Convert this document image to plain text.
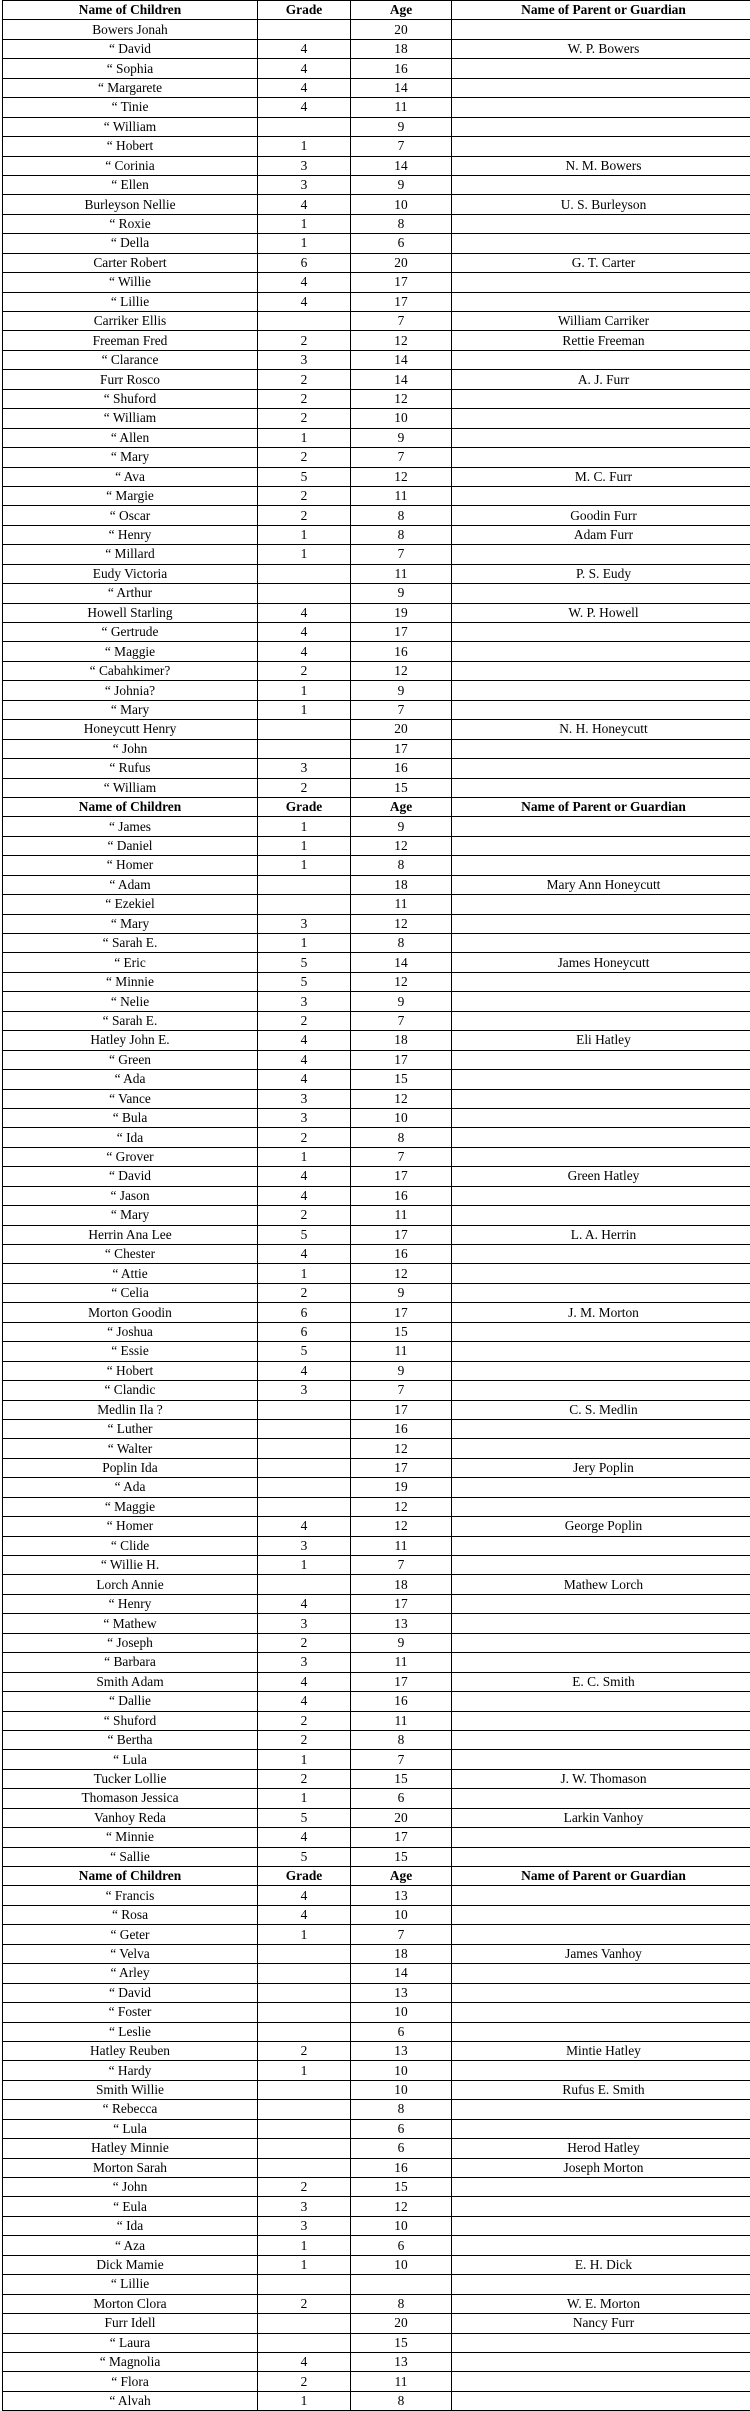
Name of Children	Grade	Age	Name of Parent or Guardian
Bowers Jonah		20	
“ David	4	18	W. P. Bowers
“ Sophia	4	16	
“ Margarete	4	14	
“ Tinie	4	11	
“ William		9	
“ Hobert	1	7	
“ Corinia	3	14	N. M. Bowers
“ Ellen	3	9	
Burleyson Nellie	4	10	U. S. Burleyson
“ Roxie	1	8	
“ Della	1	6	
Carter Robert	6	20	G. T. Carter
“ Willie	4	17	
“ Lillie	4	17	
Carriker Ellis		7	William Carriker
Freeman Fred	2	12	Rettie Freeman
“ Clarance	3	14	
Furr Rosco	2	14	A. J. Furr
“ Shuford	2	12	
“ William	2	10	
“ Allen	1	9	
“ Mary	2	7	
“ Ava	5	12	M. C. Furr
“ Margie	2	11	
“ Oscar	2	8	Goodin Furr
“ Henry	1	8	Adam Furr
“ Millard	1	7	
Eudy Victoria		11	P. S. Eudy
“ Arthur		9	
Howell Starling	4	19	W. P. Howell
“ Gertrude	4	17	
“ Maggie	4	16	
“ Cabahkimer?	2	12	
“ Johnia?	1	9	
“ Mary	1	7	
Honeycutt Henry		20	N. H. Honeycutt
“ John		17	
“ Rufus	3	16	
“ William	2	15	
Name of Children	Grade	Age	Name of Parent or Guardian
“ James	1	9	
“ Daniel	1	12	
“ Homer	1	8	
“ Adam		18	Mary Ann Honeycutt
“ Ezekiel		11	
“ Mary	3	12	
“ Sarah E.	1	8	
“ Eric	5	14	James Honeycutt
“ Minnie	5	12	
“ Nelie	3	9	
“ Sarah E.	2	7	
Hatley John E.	4	18	Eli Hatley
“ Green	4	17	
“ Ada	4	15	
“ Vance	3	12	
“ Bula	3	10	
“ Ida	2	8	
“ Grover	1	7	
“ David	4	17	Green Hatley
“ Jason	4	16	
“ Mary	2	11	
Herrin Ana Lee	5	17	L. A. Herrin
“ Chester	4	16	
“ Attie	1	12	
“ Celia	2	9	
Morton Goodin	6	17	J. M. Morton
“ Joshua	6	15	
“ Essie	5	11	
“ Hobert	4	9	
“ Clandic	3	7	
Medlin Ila ?		17	C. S. Medlin
“ Luther		16	
“ Walter		12	
Poplin Ida		17	Jery Poplin
“ Ada		19	
“ Maggie		12	
“ Homer	4	12	George Poplin
“ Clide	3	11	
“ Willie H.	1	7	
Lorch Annie		18	Mathew Lorch
“ Henry	4	17	
“ Mathew	3	13	
“ Joseph	2	9	
“ Barbara	3	11	
Smith Adam	4	17	E. C. Smith
“ Dallie	4	16	
“ Shuford	2	11	
“ Bertha	2	8	
“ Lula	1	7	
Tucker Lollie	2	15	J. W. Thomason
Thomason Jessica	1	6	
Vanhoy Reda	5	20	Larkin Vanhoy
“ Minnie	4	17	
“ Sallie	5	15	
Name of Children	Grade	Age	Name of Parent or Guardian
“ Francis	4	13	
“ Rosa	4	10	
“ Geter	1	7	
“ Velva		18	James Vanhoy
“ Arley		14	
“ David		13	
“ Foster		10	
“ Leslie		6	
Hatley Reuben	2	13	Mintie Hatley
“ Hardy	1	10	
Smith Willie		10	Rufus E. Smith
“ Rebecca		8	
“ Lula		6	
Hatley Minnie		6	Herod Hatley
Morton Sarah		16	Joseph Morton
“ John	2	15	
“ Eula	3	12	
“ Ida	3	10	
“ Aza	1	6	
Dick Mamie	1	10	E. H. Dick
“ Lillie			
Morton Clora	2	8	W. E. Morton
Furr Idell		20	Nancy Furr
“ Laura		15	
“ Magnolia	4	13	
“ Flora	2	11	
“ Alvah	1	8	
